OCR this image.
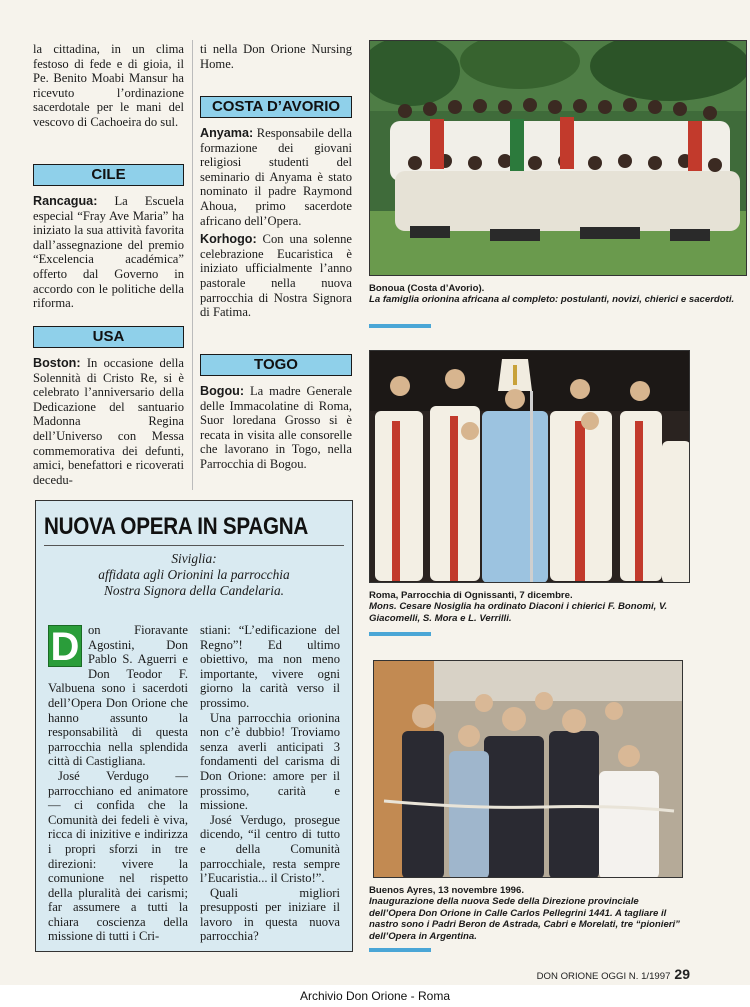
la cittadina, in un clima festoso di fede e di gioia, il Pe. Benito Moabi Mansur ha ricevuto l’ordinazione sacerdotale per le mani del vescovo di Cachoeira do sul.

CILE

Rancagua: La Escuela especial “Fray Ave Maria” ha iniziato la sua attività favorita dall’assegnazione del premio “Excelencia académica” offerto dal Governo in accordo con le politiche della riforma.

USA

Boston: In occasione della Solennità di Cristo Re, si è celebrato l’anniversario della Dedicazione del santuario Madonna Regina dell’Universo con Messa commemorativa dei defunti, amici, benefattori e ricoverati decedu-

ti nella Don Orione Nursing Home.

COSTA D’AVORIO

Anyama: Responsabile della formazione dei giovani religiosi studenti del seminario di Anyama è stato nominato il padre Raymond Ahoua, primo sacerdote africano dell’Opera.

Korhogo: Con una solenne celebrazione Eucaristica è iniziato ufficialmente l’anno pastorale nella nuova parrocchia di Nostra Signora di Fatima.

TOGO

Bogou: La madre Generale delle Immacolatine di Roma, Suor loredana Grosso si è recata in visita alle consorelle che lavorano in Togo, nella Parrocchia di Bogou.

Bonoua (Costa d’Avorio).
La famiglia orionina africana al completo: postulanti, novizi, chierici e sacerdoti.
Roma, Parrocchia di Ognissanti, 7 dicembre.
Mons. Cesare Nosiglia ha ordinato Diaconi i chierici F. Bonomi, V. Giacomelli, S. Mora e L. Verrilli.
Buenos Ayres, 13 novembre 1996.
Inaugurazione della nuova Sede della Direzione provinciale dell’Opera Don Orione in Calle Carlos Pellegrini 1441. A tagliare il nastro sono i Padri Beron de Astrada, Cabri e Morelati, tre “pionieri” dell’Opera in Argentina.
NUOVA OPERA IN SPAGNA
Siviglia:
affidata agli Orionini la parrocchia
Nostra Signora della Candelaria.
D on Fioravante Agostini, Don Pablo S. Aguerri e Don Teodor F. Valbuena sono i sacerdoti dell’Opera Don Orione che hanno assunto la responsabilità di questa parrocchia nella splendida città di Castigliana.

José Verdugo — parrocchiano ed animatore — ci confida che la Comunità dei fedeli è viva, ricca di inizitive e indirizza i propri sforzi in tre direzioni: vivere la comunione nel rispetto della pluralità dei carismi; far assumere a tutti la chiara coscienza della missione di tutti i Cri-

stiani: “L’edificazione del Regno”! Ed ultimo obiettivo, ma non meno importante, vivere ogni giorno la carità verso il prossimo.

Una parrocchia orionina non c’è dubbio! Troviamo senza averli anticipati 3 fondamenti del carisma di Don Orione: amore per il prossimo, carità e missione.

José Verdugo, prosegue dicendo, “il centro di tutto e della Comunità parrocchiale, resta sempre l’Eucaristia... il Cristo!”.

Quali migliori presupposti per iniziare il lavoro in questa nuova parrocchia?

DON ORIONE OGGI N. 1/1997 29
Archivio Don Orione - Roma
